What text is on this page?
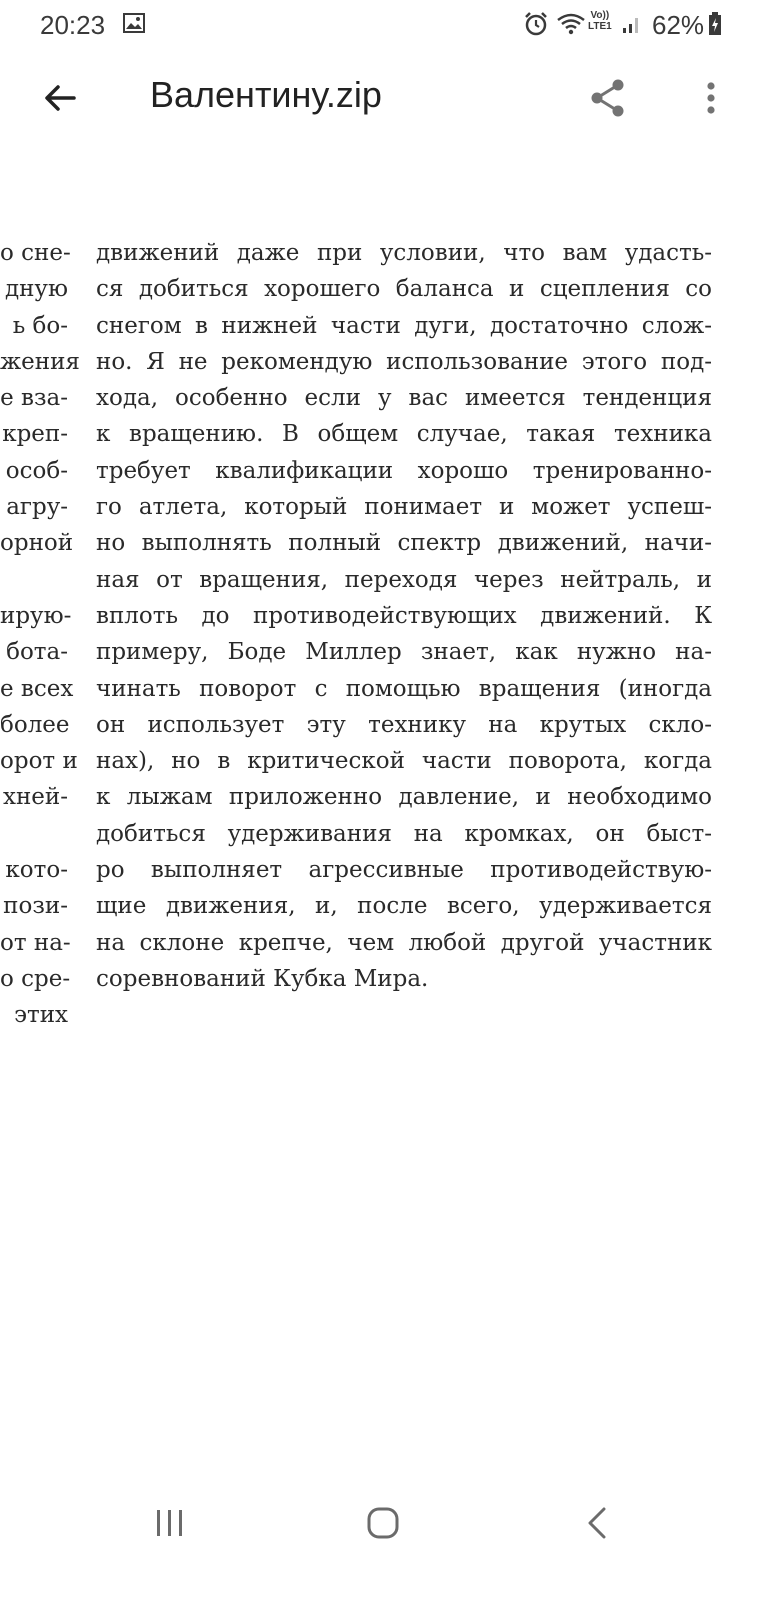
20:23	Vo))
LTE1 62%
Валентину.zip
о сне-
дную
ь бо-
жения
е вза-
креп-
особ-
агру-
орной
ирую-
бота-
е всех
более
орот и
хней-
кото-
пози-
от на-
о сре-
этих
движений даже при условии, что вам удасть-
ся добиться хорошего баланса и сцепления со
снегом в нижней части дуги, достаточно слож-
но. Я не рекомендую использование этого под-
хода, особенно если у вас имеется тенденция
к вращению. В общем случае, такая техника
требует квалификации хорошо тренированно-
го атлета, который понимает и может успеш-
но выполнять полный спектр движений, начи-
ная от вращения, переходя через нейтраль, и
вплоть до противодействующих движений. К
примеру, Боде Миллер знает, как нужно на-
чинать поворот с помощью вращения (иногда
он использует эту технику на крутых скло-
нах), но в критической части поворота, когда
к лыжам приложенно давление, и необходимо
добиться удерживания на кромках, он быст-
ро выполняет агрессивные противодействую-
щие движения, и, после всего, удерживается
на склоне крепче, чем любой другой участник
соревнований Кубка Мира.
